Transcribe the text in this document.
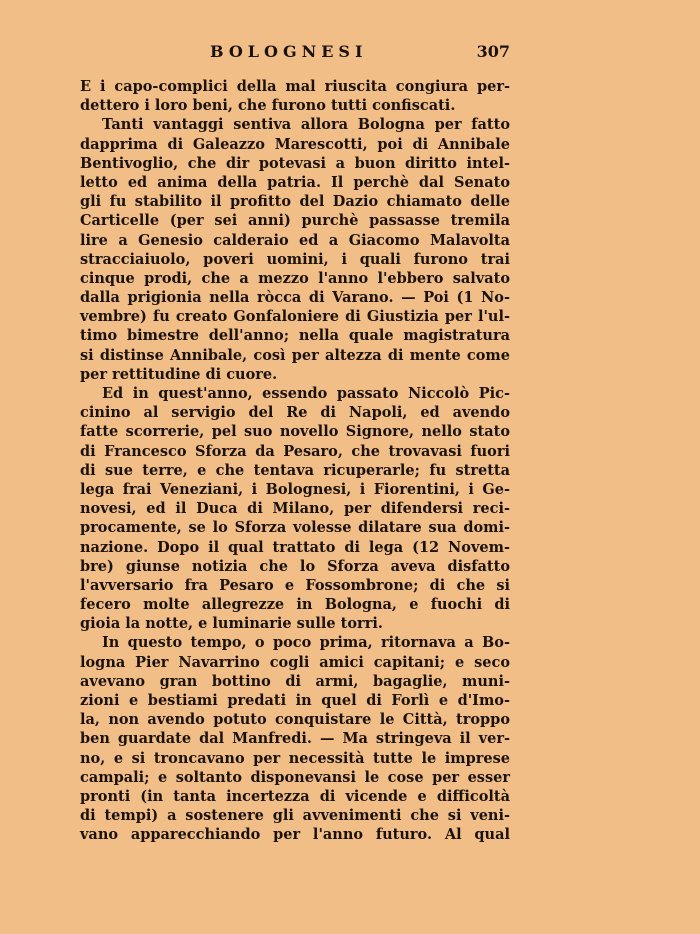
BOLOGNESI	307
E i capo-complici della mal riuscita congiura per-
dettero i loro beni, che furono tutti confiscati.
Tanti vantaggi sentiva allora Bologna per fatto
dapprima di Galeazzo Marescotti, poi di Annibale
Bentivoglio, che dir potevasi a buon diritto intel-
letto ed anima della patria. Il perchè dal Senato
gli fu stabilito il profitto del Dazio chiamato delle
Carticelle (per sei anni) purchè passasse tremila
lire a Genesio calderaio ed a Giacomo Malavolta
stracciaiuolo, poveri uomini, i quali furono trai
cinque prodi, che a mezzo l'anno l'ebbero salvato
dalla prigionia nella ròcca di Varano. — Poi (1 No-
vembre) fu creato Gonfaloniere di Giustizia per l'ul-
timo bimestre dell'anno; nella quale magistratura
si distinse Annibale, così per altezza di mente come
per rettitudine di cuore.
Ed in quest'anno, essendo passato Niccolò Pic-
cinino al servigio del Re di Napoli, ed avendo
fatte scorrerie, pel suo novello Signore, nello stato
di Francesco Sforza da Pesaro, che trovavasi fuori
di sue terre, e che tentava ricuperarle; fu stretta
lega frai Veneziani, i Bolognesi, i Fiorentini, i Ge-
novesi, ed il Duca di Milano, per difendersi reci-
procamente, se lo Sforza volesse dilatare sua domi-
nazione. Dopo il qual trattato di lega (12 Novem-
bre) giunse notizia che lo Sforza aveva disfatto
l'avversario fra Pesaro e Fossombrone; di che si
fecero molte allegrezze in Bologna, e fuochi di
gioia la notte, e luminarie sulle torri.
In questo tempo, o poco prima, ritornava a Bo-
logna Pier Navarrino cogli amici capitani; e seco
avevano gran bottino di armi, bagaglie, muni-
zioni e bestiami predati in quel di Forlì e d'Imo-
la, non avendo potuto conquistare le Città, troppo
ben guardate dal Manfredi. — Ma stringeva il ver-
no, e si troncavano per necessità tutte le imprese
campali; e soltanto disponevansi le cose per esser
pronti (in tanta incertezza di vicende e difficoltà
di tempi) a sostenere gli avvenimenti che si veni-
vano apparecchiando per l'anno futuro. Al qual
